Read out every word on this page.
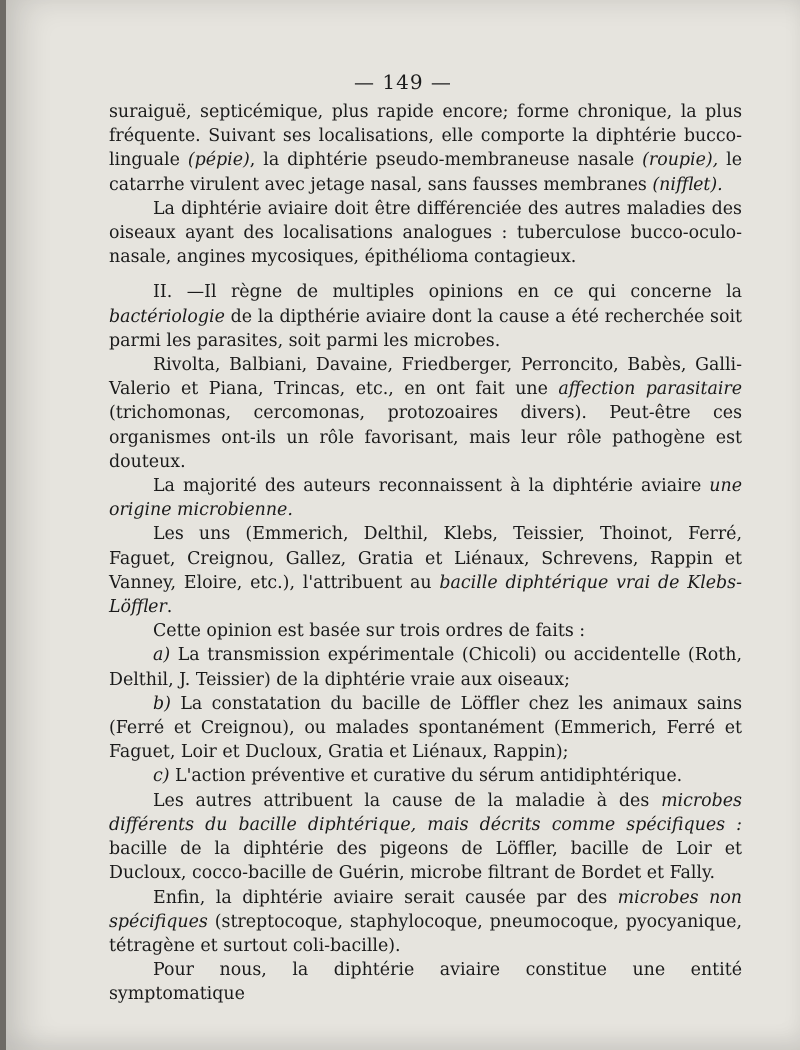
— 149 —

suraiguë, septicémique, plus rapide encore; forme chronique, la plus fréquente. Suivant ses localisations, elle comporte la diphtérie bucco-linguale (pépie), la diphtérie pseudo-membraneuse nasale (roupie), le catarrhe virulent avec jetage nasal, sans fausses membranes (nifflet).

La diphtérie aviaire doit être différenciée des autres maladies des oiseaux ayant des localisations analogues : tuberculose bucco-oculo-nasale, angines mycosiques, épithélioma contagieux.

II. —Il règne de multiples opinions en ce qui concerne la bactériologie de la dipthérie aviaire dont la cause a été recherchée soit parmi les parasites, soit parmi les microbes.

Rivolta, Balbiani, Davaine, Friedberger, Perroncito, Babès, Galli-Valerio et Piana, Trincas, etc., en ont fait une affection parasitaire (trichomonas, cercomonas, protozoaires divers). Peut-être ces organismes ont-ils un rôle favorisant, mais leur rôle pathogène est douteux.

La majorité des auteurs reconnaissent à la diphtérie aviaire une origine microbienne.

Les uns (Emmerich, Delthil, Klebs, Teissier, Thoinot, Ferré, Faguet, Creignou, Gallez, Gratia et Liénaux, Schrevens, Rappin et Vanney, Eloire, etc.), l'attribuent au bacille diphtérique vrai de Klebs-Löffler.

Cette opinion est basée sur trois ordres de faits :

a) La transmission expérimentale (Chicoli) ou accidentelle (Roth, Delthil, J. Teissier) de la diphtérie vraie aux oiseaux;

b) La constatation du bacille de Löffler chez les animaux sains (Ferré et Creignou), ou malades spontanément (Emmerich, Ferré et Faguet, Loir et Ducloux, Gratia et Liénaux, Rappin);

c) L'action préventive et curative du sérum antidiphtérique.

Les autres attribuent la cause de la maladie à des microbes différents du bacille diphtérique, mais décrits comme spécifiques : bacille de la diphtérie des pigeons de Löffler, bacille de Loir et Ducloux, cocco-bacille de Guérin, microbe filtrant de Bordet et Fally.

Enfin, la diphtérie aviaire serait causée par des microbes non spécifiques (streptocoque, staphylocoque, pneumocoque, pyocyanique, tétragène et surtout coli-bacille).

Pour nous, la diphtérie aviaire constitue une entité symptomatique
